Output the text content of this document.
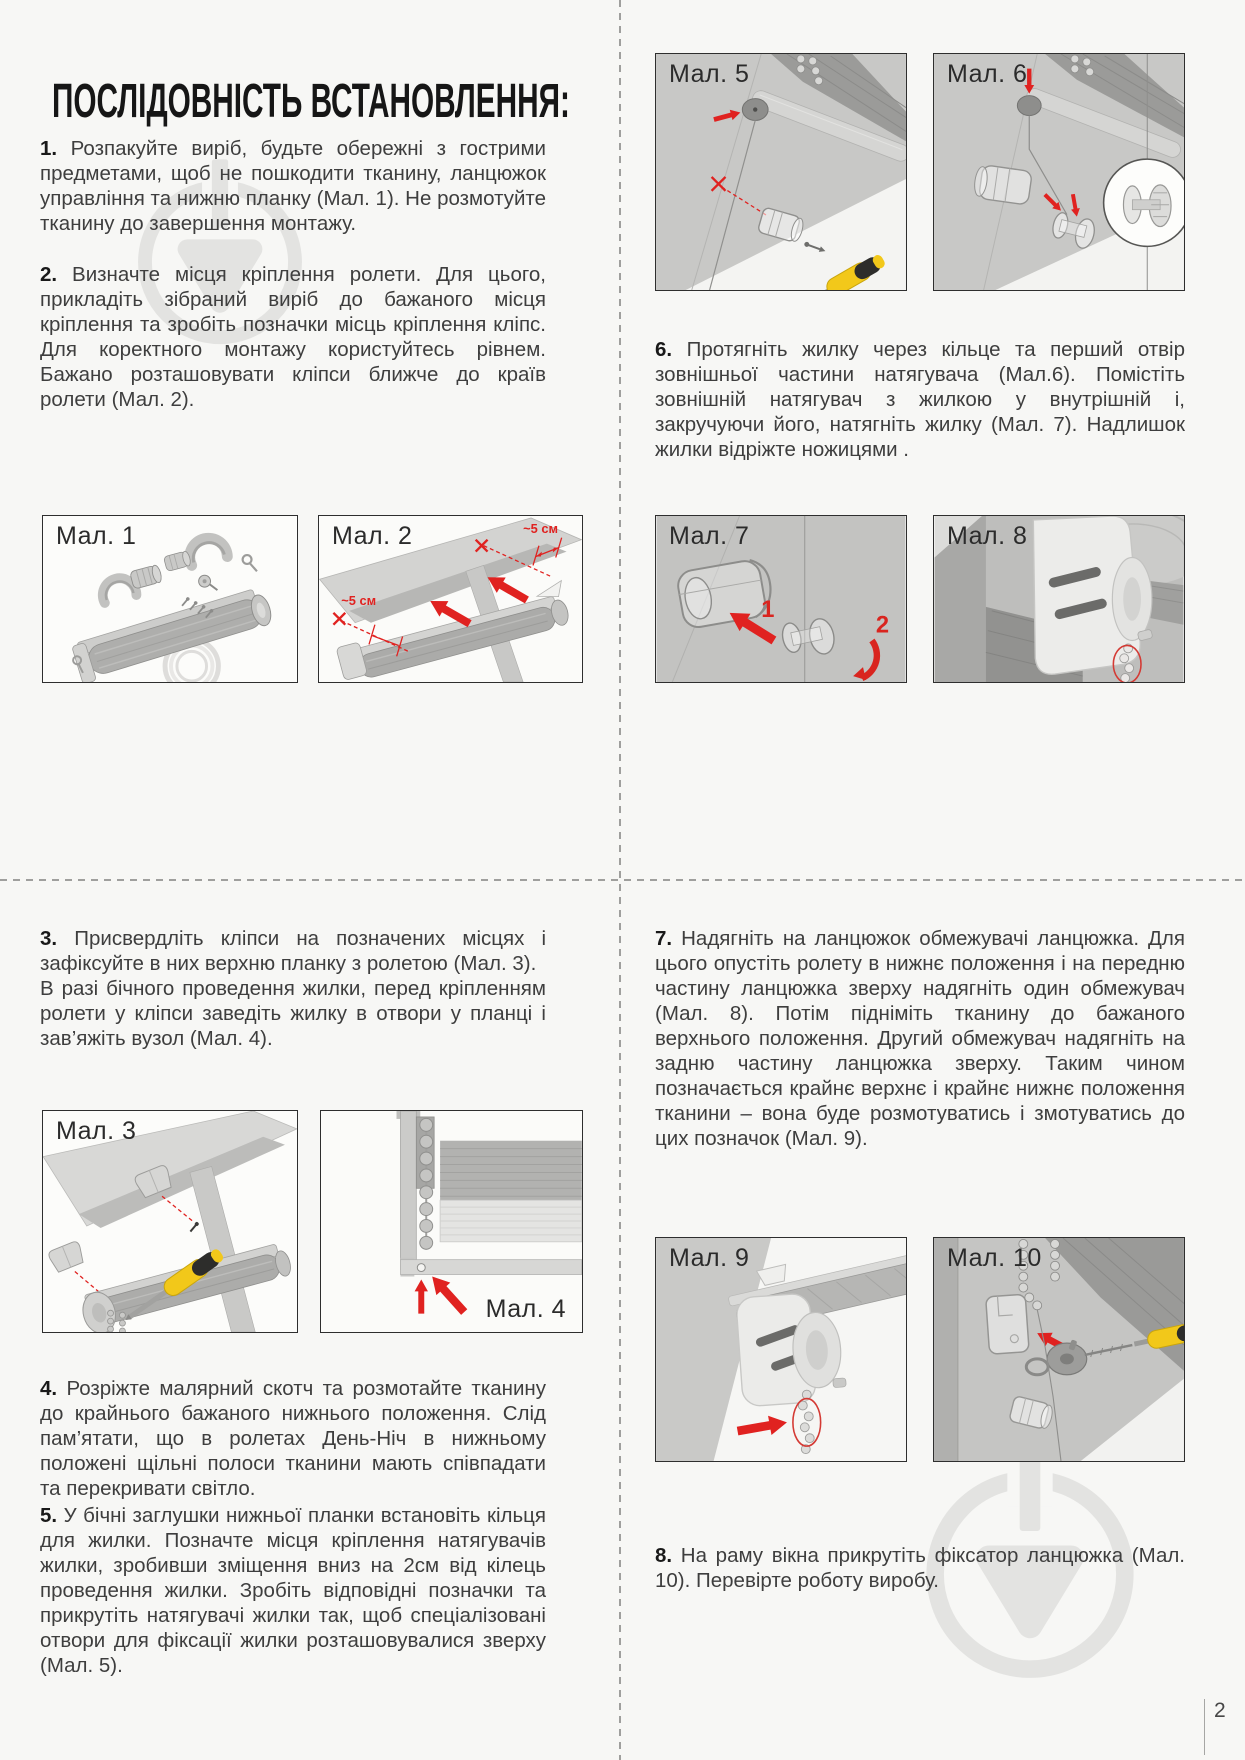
ПОСЛІДОВНІСТЬ ВСТАНОВЛЕННЯ:

1. Розпакуйте виріб, будьте обережні з гострими предметами, щоб не пошкодити тканину, ланцюжок управління та нижню планку (Мал. 1). Не розмотуйте тканину до завершення монтажу.

2. Визначте місця кріплення ролети. Для цього, прикладіть зібраний виріб до бажаного місця кріплення та зробіть позначки місць кріплення кліпс. Для коректного монтажу користуйтесь рівнем. Бажано розташовувати кліпси ближче до країв ролети (Мал. 2).

6. Протягніть жилку через кільце та перший отвір зовнішньої частини натягувача (Мал.6). Помістіть зовнішній натягувач з жилкою у внутрішній і, закручуючи його, натягніть жилку (Мал. 7). Надлишок жилки відріжте ножицями .

3. Присвердліть кліпси на позначених місцях і зафіксуйте в них верхню планку з ролетою (Мал. 3).
В разі бічного проведення жилки, перед кріпленням ролети у кліпси заведіть жилку в отвори у планці і зав’яжіть вузол (Мал. 4).

7. Надягніть на ланцюжок обмежувачі ланцюжка. Для цього опустіть ролету в нижнє положення і на передню частину ланцюжка зверху надягніть один обмежувач (Мал. 8). Потім підніміть тканину до бажаного верхнього положення. Другий обмежувач надягніть на задню частину ланцюжка зверху. Таким чином позначається крайнє верхнє і крайнє нижнє положення тканини – вона буде розмотуватись і змотуватись до цих позначок (Мал. 9).

4. Розріжте малярний скотч та розмотайте тканину до крайнього бажаного нижнього положення. Слід пам’ятати, що в ролетах День-Ніч в нижньому положені щільні полоси тканини мають співпадати та перекривати світло.

5. У бічні заглушки нижньої планки встановіть кільця для жилки. Позначте місця кріплення натягувачів жилки, зробивши зміщення вниз на 2см від кілець проведення жилки. Зробіть відповідні позначки та прикрутіть натягувачі жилки так, щоб спеціалізовані отвори для фіксації жилки розташовувалися зверху (Мал. 5).

8. На раму вікна прикрутіть фіксатор ланцюжка (Мал. 10). Перевірте роботу виробу.

Мал. 1	~5 см
~5 см
Мал. 2
Мал. 5	Мал. 6
1
2
Мал. 7	Мал. 8
Мал. 3
Мал. 4
Мал. 9	Мал. 10
2
